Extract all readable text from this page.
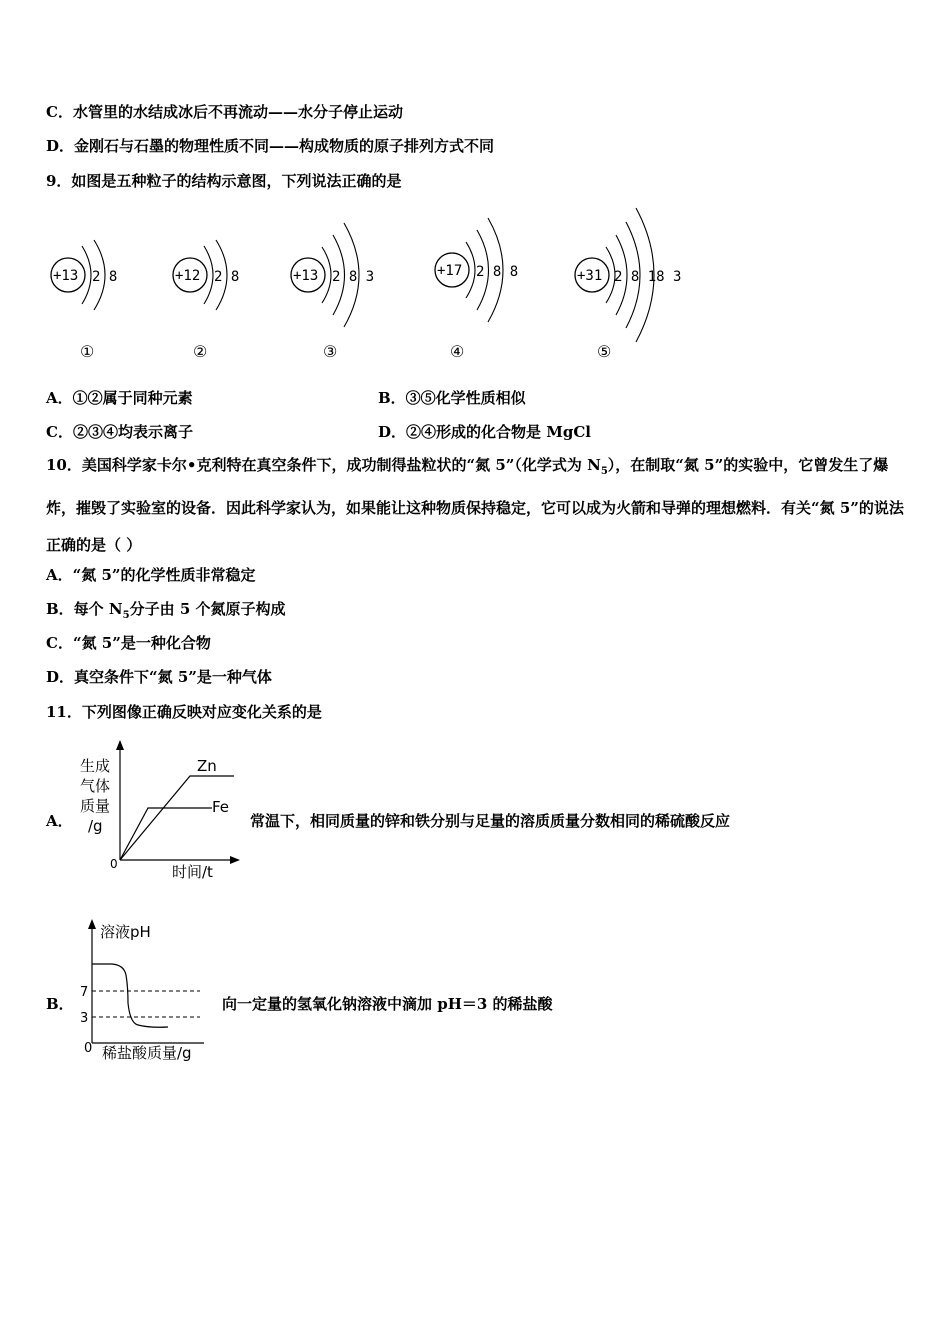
C．水管里的水结成冰后不再流动——水分子停止运动
D．金刚石与石墨的物理性质不同——构成物质的原子排列方式不同
9．如图是五种粒子的结构示意图，下列说法正确的是
+13 2 8
①
+12 2 8
②
+13 2 8 3
③
+17 2 8 8
④
+31 2 8 18 3
⑤
A．①②属于同种元素	B．③⑤化学性质相似
C．②③④均表示离子	D．②④形成的化合物是 MgCl
10．美国科学家卡尔•克利特在真空条件下，成功制得盐粒状的“氮 5”（化学式为 $N_5$），在制取“氮 5”的实验中，它曾发生了爆炸，摧毁了实验室的设备．因此科学家认为，如果能让这种物质保持稳定，它可以成为火箭和导弹的理想燃料．有关“氮 5”的说法正确的是（ ）
A．“氮 5”的化学性质非常稳定
B．每个 $N_5$分子由 5 个氮原子构成
C．“氮 5”是一种化合物
D．真空条件下“氮 5”是一种气体
11．下列图像正确反映对应变化关系的是
A．
Zn
Fe
生成
气体
质量
/g
0	时间/t
常温下，相同质量的锌和铁分别与足量的溶质质量分数相同的稀硫酸反应
B．
溶液pH
7
3
0 稀盐酸质量/g
向一定量的氢氧化钠溶液中滴加 pH＝3 的稀盐酸
